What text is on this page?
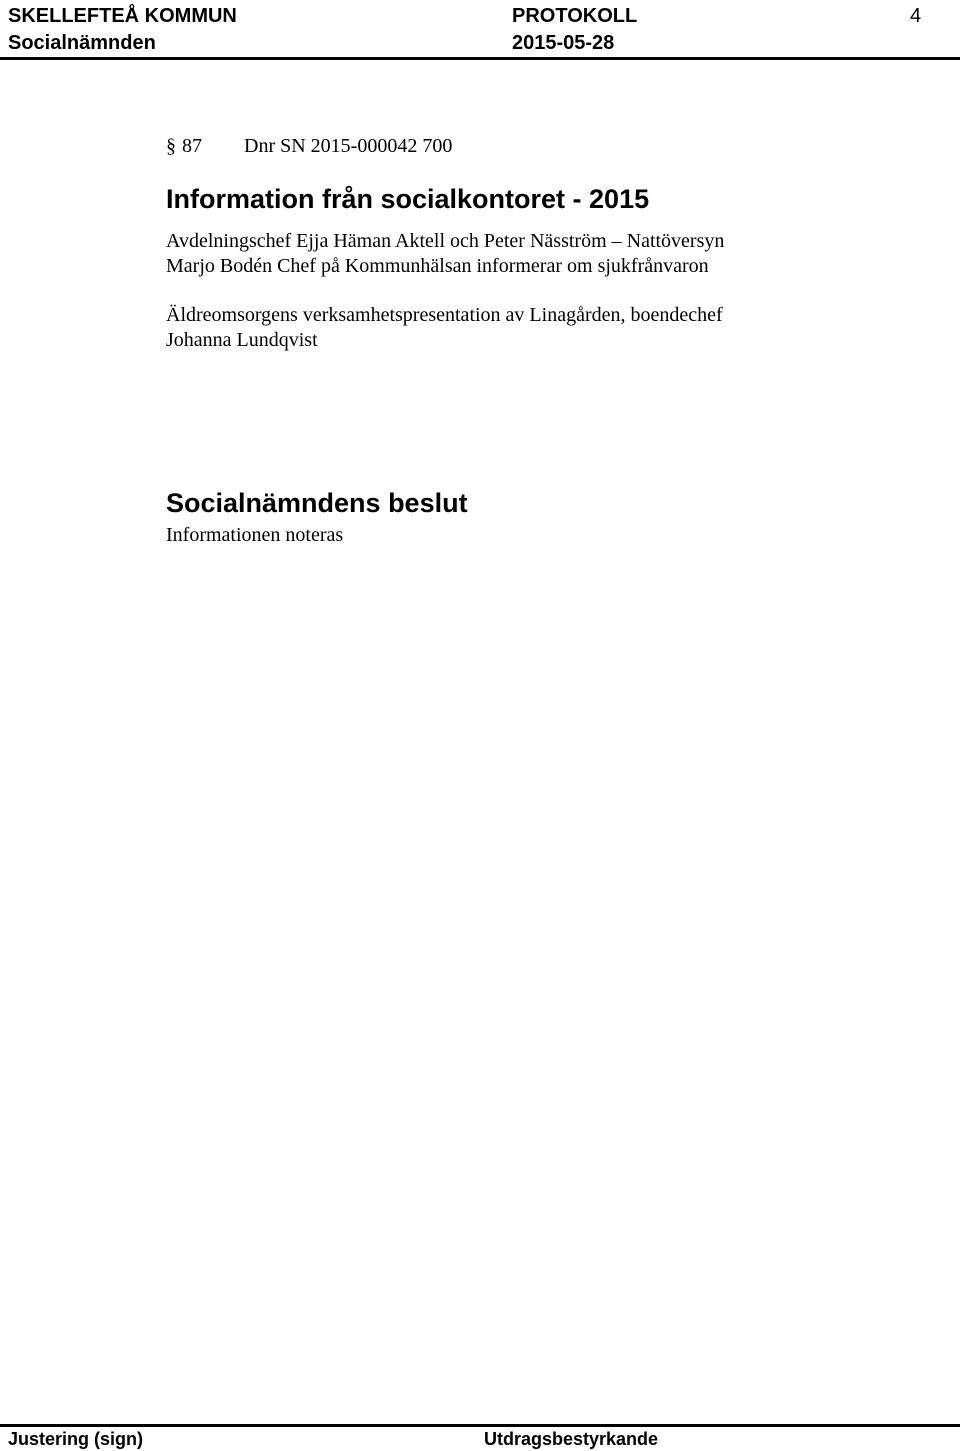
SKELLEFTEÅ KOMMUN
Socialnämnden
PROTOKOLL
2015-05-28
4
§ 87 Dnr SN 2015-000042 700
Information från socialkontoret - 2015
Avdelningschef Ejja Häman Aktell och Peter Näsström – Nattöversyn
Marjo Bodén Chef på Kommunhälsan informerar om sjukfrånvaron
Äldreomsorgens verksamhetspresentation av Linagården, boendechef
Johanna Lundqvist
Socialnämndens beslut
Informationen noteras
Justering (sign)	Utdragsbestyrkande
